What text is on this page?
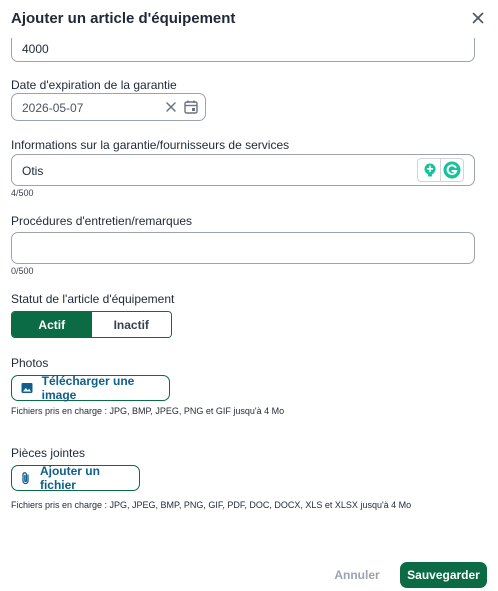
4000
Date d'expiration de la garantie
2026-05-07
Informations sur la garantie/fournisseurs de services
Otis
4/500
Procédures d'entretien/remarques
0/500
Statut de l'article d'équipement
Actif	Inactif
Photos
Télécharger une image
Fichiers pris en charge : JPG, BMP, JPEG, PNG et GIF jusqu'à 4 Mo
Pièces jointes
Ajouter un fichier
Fichiers pris en charge : JPG, JPEG, BMP, PNG, GIF, PDF, DOC, DOCX, XLS et XLSX jusqu'à 4 Mo
Ajouter un article d'équipement
Annuler	Sauvegarder
